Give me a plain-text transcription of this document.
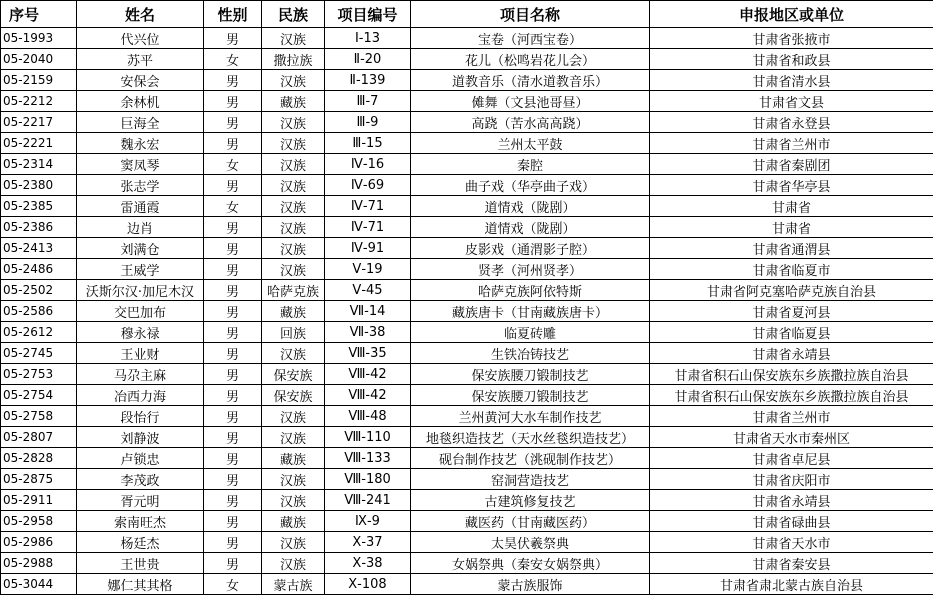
序号	姓名	性别	民族	项目编号	项目名称	申报地区或单位
05-1993	代兴位	男	汉族	Ⅰ-13	宝卷（河西宝卷）	甘肃省张掖市
05-2040	苏平	女	撒拉族	Ⅱ-20	花儿（松鸣岩花儿会）	甘肃省和政县
05-2159	安保会	男	汉族	Ⅱ-139	道教音乐（清水道教音乐）	甘肃省清水县
05-2212	余林机	男	藏族	Ⅲ-7	傩舞（文县池哥昼）	甘肃省文县
05-2217	巨海全	男	汉族	Ⅲ-9	高跷（苦水高高跷）	甘肃省永登县
05-2221	魏永宏	男	汉族	Ⅲ-15	兰州太平鼓	甘肃省兰州市
05-2314	窦凤琴	女	汉族	Ⅳ-16	秦腔	甘肃省秦剧团
05-2380	张志学	男	汉族	Ⅳ-69	曲子戏（华亭曲子戏）	甘肃省华亭县
05-2385	雷通霞	女	汉族	Ⅳ-71	道情戏（陇剧）	甘肃省
05-2386	边肖	男	汉族	Ⅳ-71	道情戏（陇剧）	甘肃省
05-2413	刘满仓	男	汉族	Ⅳ-91	皮影戏（通渭影子腔）	甘肃省通渭县
05-2486	王威学	男	汉族	Ⅴ-19	贤孝（河州贤孝）	甘肃省临夏市
05-2502	沃斯尔汉·加尼木汉	男	哈萨克族	Ⅴ-45	哈萨克族阿依特斯	甘肃省阿克塞哈萨克族自治县
05-2586	交巴加布	男	藏族	Ⅶ-14	藏族唐卡（甘南藏族唐卡）	甘肃省夏河县
05-2612	穆永禄	男	回族	Ⅶ-38	临夏砖雕	甘肃省临夏县
05-2745	王业财	男	汉族	Ⅷ-35	生铁冶铸技艺	甘肃省永靖县
05-2753	马尕主麻	男	保安族	Ⅷ-42	保安族腰刀锻制技艺	甘肃省积石山保安族东乡族撒拉族自治县
05-2754	冶西力海	男	保安族	Ⅷ-42	保安族腰刀锻制技艺	甘肃省积石山保安族东乡族撒拉族自治县
05-2758	段怡行	男	汉族	Ⅷ-48	兰州黄河大水车制作技艺	甘肃省兰州市
05-2807	刘静波	男	汉族	Ⅷ-110	地毯织造技艺（天水丝毯织造技艺）	甘肃省天水市秦州区
05-2828	卢锁忠	男	藏族	Ⅷ-133	砚台制作技艺（洮砚制作技艺）	甘肃省卓尼县
05-2875	李茂政	男	汉族	Ⅷ-180	窑洞营造技艺	甘肃省庆阳市
05-2911	胥元明	男	汉族	Ⅷ-241	古建筑修复技艺	甘肃省永靖县
05-2958	索南旺杰	男	藏族	Ⅸ-9	藏医药（甘南藏医药）	甘肃省碌曲县
05-2986	杨廷杰	男	汉族	Ⅹ-37	太昊伏羲祭典	甘肃省天水市
05-2988	王世贵	男	汉族	Ⅹ-38	女娲祭典（秦安女娲祭典）	甘肃省秦安县
05-3044	娜仁其其格	女	蒙古族	Ⅹ-108	蒙古族服饰	甘肃省肃北蒙古族自治县
